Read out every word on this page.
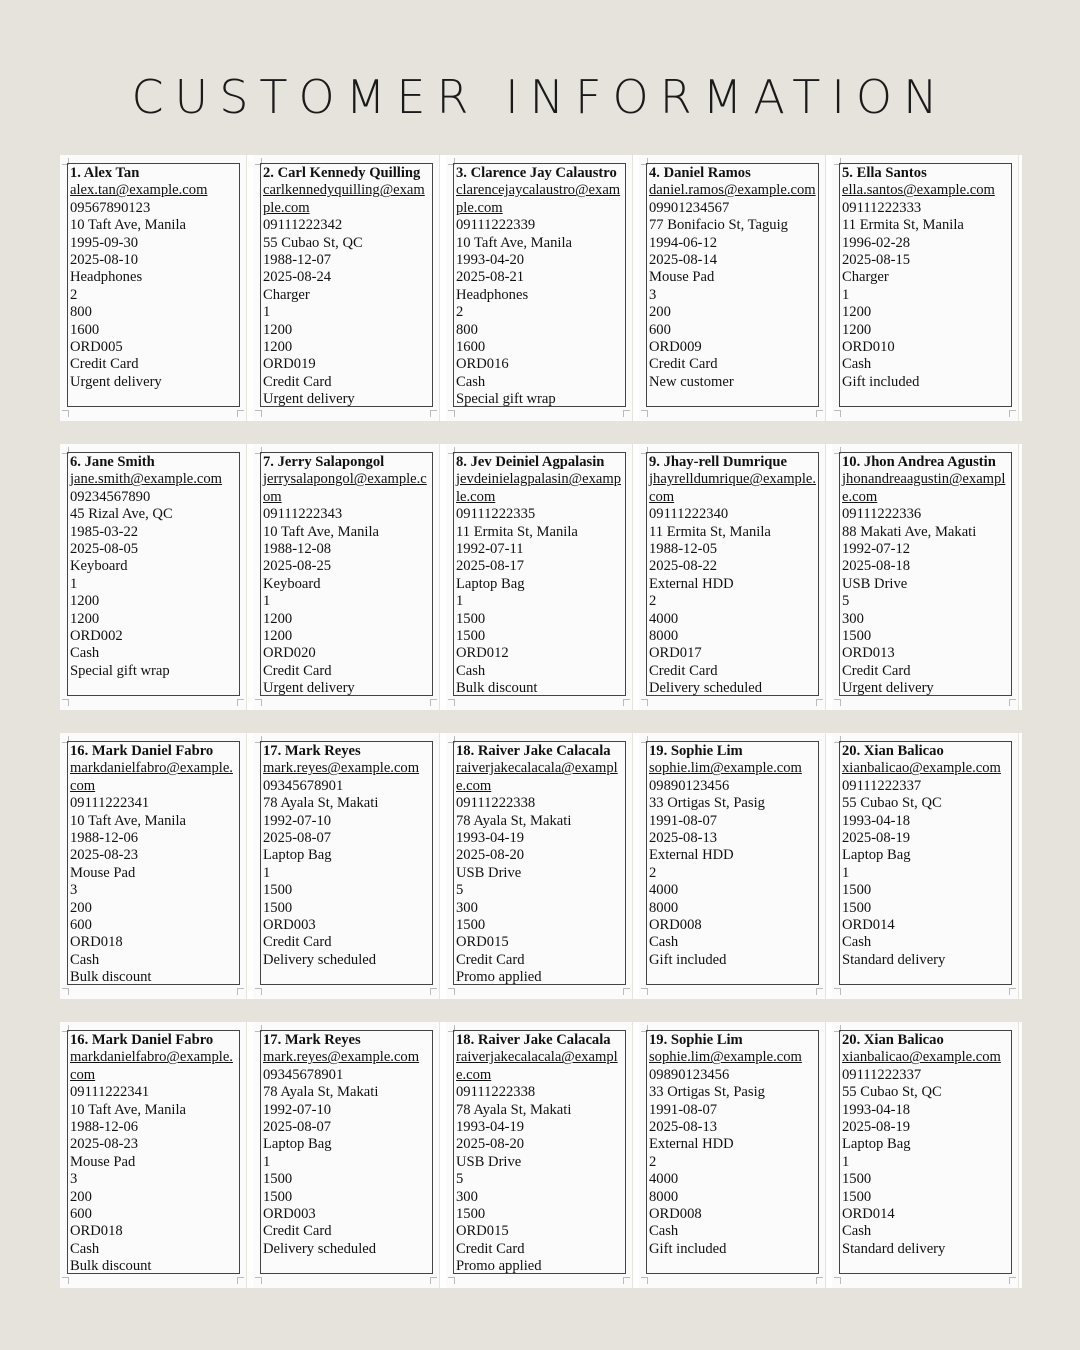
CUSTOMER INFORMATION
1. Alex Tan
alex.tan@example.com
09567890123
10 Taft Ave, Manila
1995-09-30
2025-08-10
Headphones
2
800
1600
ORD005
Credit Card
Urgent delivery
2. Carl Kennedy Quilling
carlkennedyquilling@example.com
09111222342
55 Cubao St, QC
1988-12-07
2025-08-24
Charger
1
1200
1200
ORD019
Credit Card
Urgent delivery
3. Clarence Jay Calaustro
clarencejaycalaustro@example.com
09111222339
10 Taft Ave, Manila
1993-04-20
2025-08-21
Headphones
2
800
1600
ORD016
Cash
Special gift wrap
4. Daniel Ramos
daniel.ramos@example.com
09901234567
77 Bonifacio St, Taguig
1994-06-12
2025-08-14
Mouse Pad
3
200
600
ORD009
Credit Card
New customer
5. Ella Santos
ella.santos@example.com
09111222333
11 Ermita St, Manila
1996-02-28
2025-08-15
Charger
1
1200
1200
ORD010
Cash
Gift included
6. Jane Smith
jane.smith@example.com
09234567890
45 Rizal Ave, QC
1985-03-22
2025-08-05
Keyboard
1
1200
1200
ORD002
Cash
Special gift wrap
7. Jerry Salapongol
jerrysalapongol@example.com
09111222343
10 Taft Ave, Manila
1988-12-08
2025-08-25
Keyboard
1
1200
1200
ORD020
Credit Card
Urgent delivery
8. Jev Deiniel Agpalasin
jevdeinielagpalasin@example.com
09111222335
11 Ermita St, Manila
1992-07-11
2025-08-17
Laptop Bag
1
1500
1500
ORD012
Cash
Bulk discount
9. Jhay-rell Dumrique
jhayrelldumrique@example.com
09111222340
11 Ermita St, Manila
1988-12-05
2025-08-22
External HDD
2
4000
8000
ORD017
Credit Card
Delivery scheduled
10. Jhon Andrea Agustin
jhonandreaagustin@example.com
09111222336
88 Makati Ave, Makati
1992-07-12
2025-08-18
USB Drive
5
300
1500
ORD013
Credit Card
Urgent delivery
16. Mark Daniel Fabro
markdanielfabro@example.com
09111222341
10 Taft Ave, Manila
1988-12-06
2025-08-23
Mouse Pad
3
200
600
ORD018
Cash
Bulk discount
17. Mark Reyes
mark.reyes@example.com
09345678901
78 Ayala St, Makati
1992-07-10
2025-08-07
Laptop Bag
1
1500
1500
ORD003
Credit Card
Delivery scheduled
18. Raiver Jake Calacala
raiverjakecalacala@example.com
09111222338
78 Ayala St, Makati
1993-04-19
2025-08-20
USB Drive
5
300
1500
ORD015
Credit Card
Promo applied
19. Sophie Lim
sophie.lim@example.com
09890123456
33 Ortigas St, Pasig
1991-08-07
2025-08-13
External HDD
2
4000
8000
ORD008
Cash
Gift included
20. Xian Balicao
xianbalicao@example.com
09111222337
55 Cubao St, QC
1993-04-18
2025-08-19
Laptop Bag
1
1500
1500
ORD014
Cash
Standard delivery
16. Mark Daniel Fabro
markdanielfabro@example.com
09111222341
10 Taft Ave, Manila
1988-12-06
2025-08-23
Mouse Pad
3
200
600
ORD018
Cash
Bulk discount
17. Mark Reyes
mark.reyes@example.com
09345678901
78 Ayala St, Makati
1992-07-10
2025-08-07
Laptop Bag
1
1500
1500
ORD003
Credit Card
Delivery scheduled
18. Raiver Jake Calacala
raiverjakecalacala@example.com
09111222338
78 Ayala St, Makati
1993-04-19
2025-08-20
USB Drive
5
300
1500
ORD015
Credit Card
Promo applied
19. Sophie Lim
sophie.lim@example.com
09890123456
33 Ortigas St, Pasig
1991-08-07
2025-08-13
External HDD
2
4000
8000
ORD008
Cash
Gift included
20. Xian Balicao
xianbalicao@example.com
09111222337
55 Cubao St, QC
1993-04-18
2025-08-19
Laptop Bag
1
1500
1500
ORD014
Cash
Standard delivery
